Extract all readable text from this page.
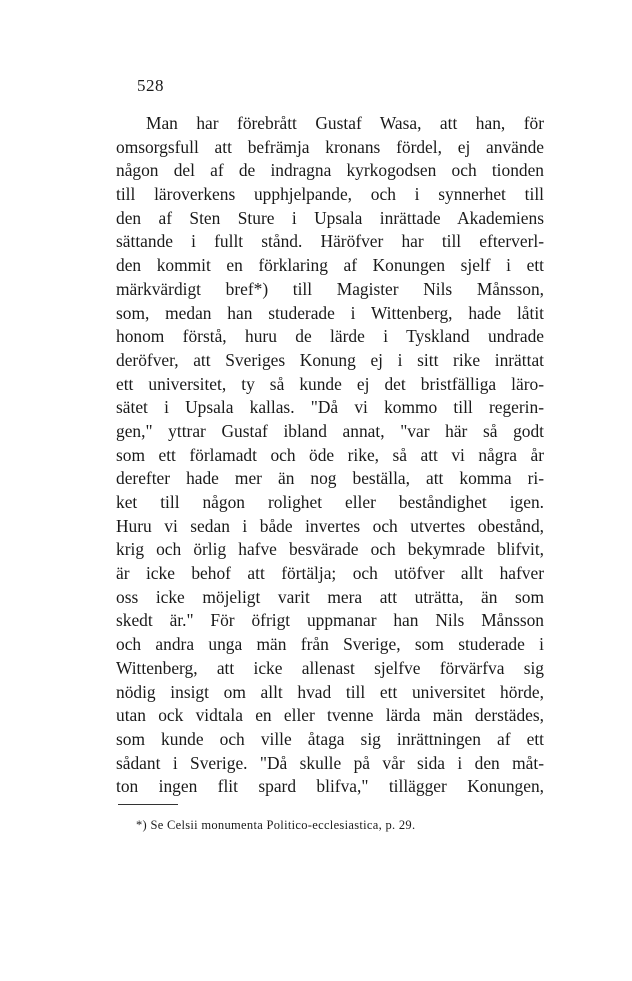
528
Man har förebrått Gustaf Wasa, att han, för
omsorgsfull att befrämja kronans fördel, ej använde
någon del af de indragna kyrkogodsen och tionden
till läroverkens upphjelpande, och i synnerhet till
den af Sten Sture i Upsala inrättade Akademiens
sättande i fullt stånd. Häröfver har till efterverl-
den kommit en förklaring af Konungen sjelf i ett
märkvärdigt bref*) till Magister Nils Månsson,
som, medan han studerade i Wittenberg, hade låtit
honom förstå, huru de lärde i Tyskland undrade
deröfver, att Sveriges Konung ej i sitt rike inrättat
ett universitet, ty så kunde ej det bristfälliga läro-
sätet i Upsala kallas. "Då vi kommo till regerin-
gen," yttrar Gustaf ibland annat, "var här så godt
som ett förlamadt och öde rike, så att vi några år
derefter hade mer än nog beställa, att komma ri-
ket till någon rolighet eller beståndighet igen.
Huru vi sedan i både invertes och utvertes obestånd,
krig och örlig hafve besvärade och bekymrade blifvit,
är icke behof att förtälja; och utöfver allt hafver
oss icke möjeligt varit mera att uträtta, än som
skedt är." För öfrigt uppmanar han Nils Månsson
och andra unga män från Sverige, som studerade i
Wittenberg, att icke allenast sjelfve förvärfva sig
nödig insigt om allt hvad till ett universitet hörde,
utan ock vidtala en eller tvenne lärda män derstädes,
som kunde och ville åtaga sig inrättningen af ett
sådant i Sverige. "Då skulle på vår sida i den måt-
ton ingen flit spard blifva," tillägger Konungen,
*) Se Celsii monumenta Politico-ecclesiastica, p. 29.
